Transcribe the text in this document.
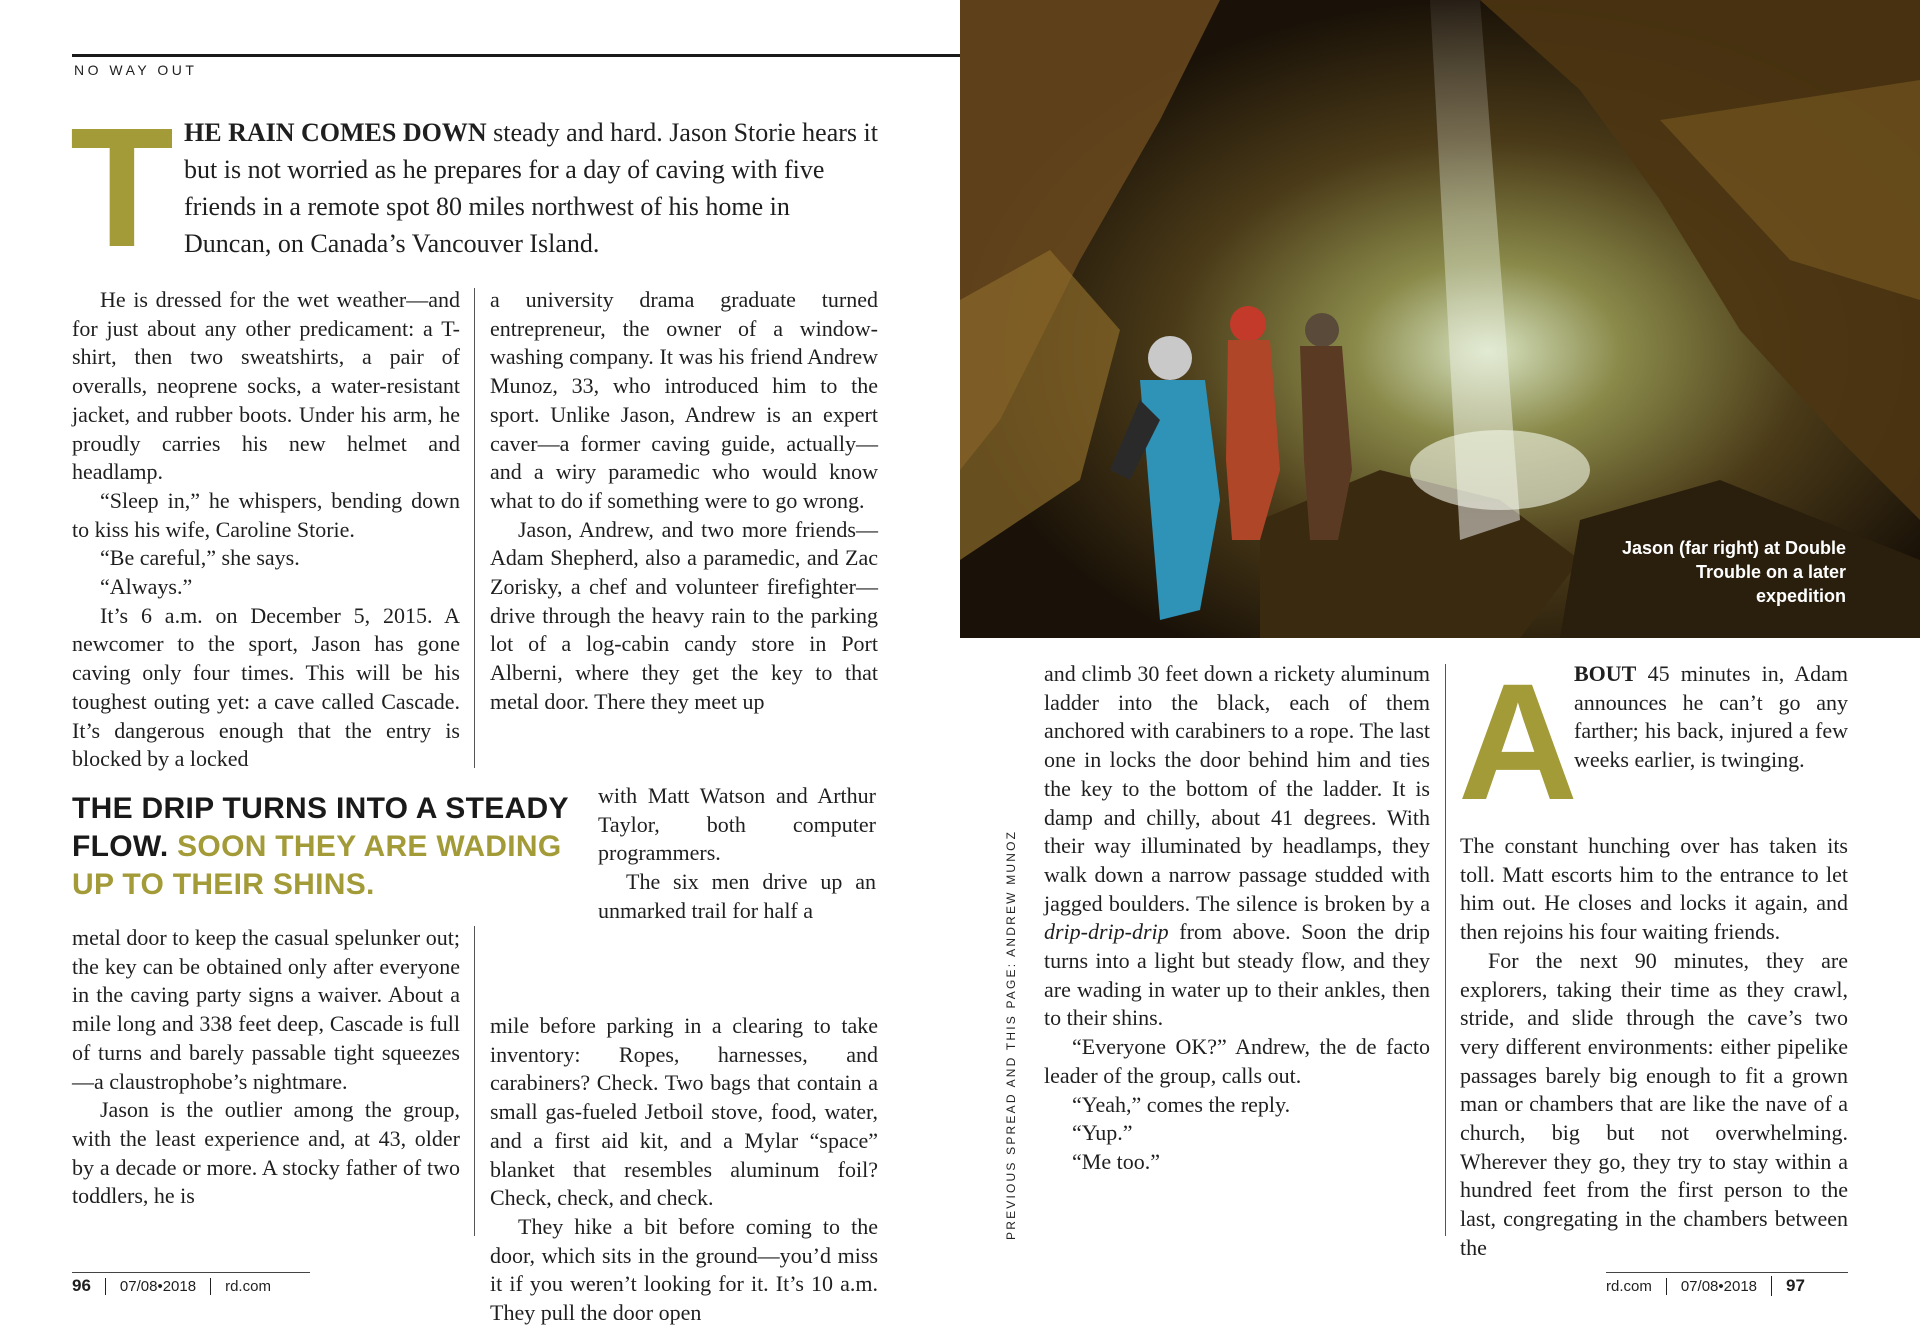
NO WAY OUT
T HE RAIN COMES DOWN steady and hard. Jason Storie hears it but is not worried as he prepares for a day of caving with five friends in a remote spot 80 miles northwest of his home in Duncan, on Canada’s Vancouver Island.

He is dressed for the wet weather—and for just about any other predicament: a T-shirt, then two sweatshirts, a pair of overalls, neoprene socks, a water-resistant jacket, and rubber boots. Under his arm, he proudly carries his new helmet and headlamp.

“Sleep in,” he whispers, bending down to kiss his wife, Caroline Storie.

“Be careful,” she says.

“Always.”

It’s 6 a.m. on December 5, 2015. A newcomer to the sport, Jason has gone caving only four times. This will be his toughest outing yet: a cave called Cascade. It’s dangerous enough that the entry is blocked by a locked

THE DRIP TURNS INTO A STEADY FLOW. SOON THEY ARE WADING UP TO THEIR SHINS.

metal door to keep the casual spelunker out; the key can be obtained only after everyone in the caving party signs a waiver. About a mile long and 338 feet deep, Cascade is full of turns and barely passable tight squeezes—a claustrophobe’s nightmare.

Jason is the outlier among the group, with the least experience and, at 43, older by a decade or more. A stocky father of two toddlers, he is

a university drama graduate turned entrepreneur, the owner of a window-washing company. It was his friend Andrew Munoz, 33, who introduced him to the sport. Unlike Jason, Andrew is an expert caver—a former caving guide, actually—and a wiry paramedic who would know what to do if something were to go wrong.

Jason, Andrew, and two more friends—Adam Shepherd, also a paramedic, and Zac Zorisky, a chef and volunteer firefighter—drive through the heavy rain to the parking lot of a log-cabin candy store in Port Alberni, where they get the key to that metal door. There they meet up

with Matt Watson and Arthur Taylor, both computer programmers.

The six men drive up an unmarked trail for half a

mile before parking in a clearing to take inventory: Ropes, harnesses, and carabiners? Check. Two bags that contain a small gas-fueled Jetboil stove, food, water, and a first aid kit, and a Mylar “space” blanket that resembles aluminum foil? Check, check, and check.

They hike a bit before coming to the door, which sits in the ground—you’d miss it if you weren’t looking for it. It’s 10 a.m. They pull the door open

96 07/08•2018 rd.com
Jason (far right) at Double Trouble on a later expedition
PREVIOUS SPREAD AND THIS PAGE: ANDREW MUNOZ

and climb 30 feet down a rickety aluminum ladder into the black, each of them anchored with carabiners to a rope. The last one in locks the door behind him and ties the key to the bottom of the ladder. It is damp and chilly, about 41 degrees. With their way illuminated by headlamps, they walk down a narrow passage studded with jagged boulders. The silence is broken by a drip-drip-drip from above. Soon the drip turns into a light but steady flow, and they are wading in water up to their ankles, then to their shins.

“Everyone OK?” Andrew, the de facto leader of the group, calls out.

“Yeah,” comes the reply.

“Yup.”

“Me too.”

A

BOUT 45 minutes in, Adam announces he can’t go any farther; his back, injured a few weeks earlier, is twinging.

The constant hunching over has taken its toll. Matt escorts him to the entrance to let him out. He closes and locks it again, and then rejoins his four waiting friends.

For the next 90 minutes, they are explorers, taking their time as they crawl, stride, and slide through the cave’s two very different environments: either pipelike passages barely big enough to fit a grown man or chambers that are like the nave of a church, big but not overwhelming. Wherever they go, they try to stay within a hundred feet from the first person to the last, congregating in the chambers between the

rd.com 07/08•2018 97
